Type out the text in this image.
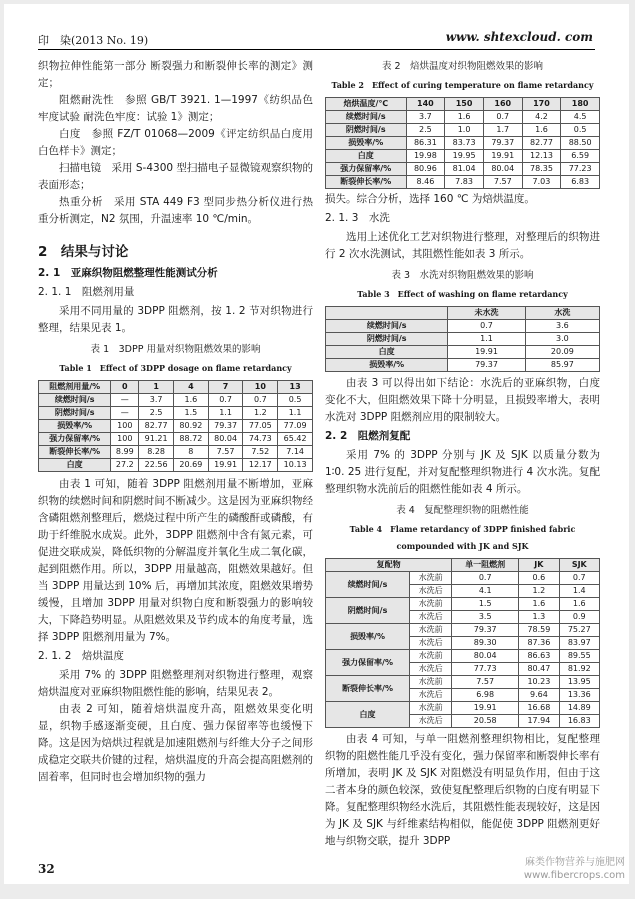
印　染(2013 No. 19)	www. shtexcloud. com

织物拉伸性能第一部分 断裂强力和断裂伸长率的测定》测定；

阻燃耐洗性　参照 GB/T 3921. 1—1997《纺织品色牢度试验 耐洗色牢度：试验 1》测定；

白度　参照 FZ/T 01068—2009《评定纺织品白度用白色样卡》测定；

扫描电镜　采用 S-4300 型扫描电子显微镜观察织物的表面形态；

热重分析　采用 STA 449 F3 型同步热分析仪进行热重分析测定，N2 氛围，升温速率 10 ℃/min。

2　结果与讨论
2. 1　亚麻织物阻燃整理性能测试分析
2. 1. 1　阻燃剂用量

采用不同用量的 3DPP 阻燃剂，按 1. 2 节对织物进行整理，结果见表 1。

表 1　3DPP 用量对织物阻燃效果的影响
Table 1　Effect of 3DPP dosage on flame retardancy
阻燃剂用量/%	0	1	4	7	10	13
续燃时间/s	—	3.7	1.6	0.7	0.7	0.5
阴燃时间/s	—	2.5	1.5	1.1	1.2	1.1
损毁率/%	100	82.77	80.92	79.37	77.05	77.09
强力保留率/%	100	91.21	88.72	80.04	74.73	65.42
断裂伸长率/%	8.99	8.28	8	7.57	7.52	7.14
白度	27.2	22.56	20.69	19.91	12.17	10.13

由表 1 可知，随着 3DPP 阻燃剂用量不断增加，亚麻织物的续燃时间和阴燃时间不断减少。这是因为亚麻织物经含磷阻燃剂整理后，燃烧过程中所产生的磷酸酐或磷酸，有助于纤维脱水成炭。此外，3DPP 阻燃剂中含有氮元素，可促进交联成炭，降低织物的分解温度并氧化生成二氧化碳，起到阻燃作用。所以，3DPP 用量越高，阻燃效果越好。但当 3DPP 用量达到 10% 后，再增加其浓度，阻燃效果增势缓慢，且增加 3DPP 用量对织物白度和断裂强力的影响较大，下降趋势明显。从阻燃效果及节约成本的角度考量，选择 3DPP 阻燃剂用量为 7%。

2. 1. 2　焙烘温度

采用 7% 的 3DPP 阻燃整理剂对织物进行整理，观察焙烘温度对亚麻织物阻燃性能的影响，结果见表 2。

由表 2 可知，随着焙烘温度升高，阻燃效果变化明显，织物手感逐渐变硬，且白度、强力保留率等也缓慢下降。这是因为焙烘过程就是加速阻燃剂与纤维大分子之间形成稳定交联共价键的过程，焙烘温度的升高会提高阻燃剂的固着率，但同时也会增加织物的强力

表 2　焙烘温度对织物阻燃效果的影响
Table 2　Effect of curing temperature on flame retardancy
焙烘温度/℃	140	150	160	170	180
续燃时间/s	3.7	1.6	0.7	4.2	4.5
阴燃时间/s	2.5	1.0	1.7	1.6	0.5
损毁率/%	86.31	83.73	79.37	82.77	88.50
白度	19.98	19.95	19.91	12.13	6.59
强力保留率/%	80.96	81.04	80.04	78.35	77.23
断裂伸长率/%	8.46	7.83	7.57	7.03	6.83

损失。综合分析，选择 160 ℃ 为焙烘温度。

2. 1. 3　水洗

选用上述优化工艺对织物进行整理，对整理后的织物进行 2 次水洗测试，其阻燃性能如表 3 所示。

表 3　水洗对织物阻燃效果的影响
Table 3　Effect of washing on flame retardancy
	未水洗	水洗
续燃时间/s	0.7	3.6
阴燃时间/s	1.1	3.0
白度	19.91	20.09
损毁率/%	79.37	85.97

由表 3 可以得出如下结论：水洗后的亚麻织物，白度变化不大，但阻燃效果下降十分明显，且损毁率增大，表明水洗对 3DPP 阻燃剂应用的限制较大。

2. 2　阻燃剂复配

采用 7% 的 3DPP 分别与 JK 及 SJK 以质量分数为 1∶0. 25 进行复配，并对复配整理织物进行 4 次水洗。复配整理织物水洗前后的阻燃性能如表 4 所示。

表 4　复配整理织物的阻燃性能
Table 4　Flame retardancy of 3DPP finished fabric compounded with JK and SJK
复配物		单一阻燃剂	JK	SJK
续燃时间/s	水洗前	0.7	0.6	0.7
	水洗后	4.1	1.2	1.4
阴燃时间/s	水洗前	1.5	1.6	1.6
	水洗后	3.5	1.3	0.9
损毁率/%	水洗前	79.37	78.59	75.27
	水洗后	89.30	87.36	83.97
强力保留率/%	水洗前	80.04	86.63	89.55
	水洗后	77.73	80.47	81.92
断裂伸长率/%	水洗前	7.57	10.23	13.95
	水洗后	6.98	9.64	13.36
白度	水洗前	19.91	16.68	14.89
	水洗后	20.58	17.94	16.83

由表 4 可知，与单一阻燃剂整理织物相比，复配整理织物的阻燃性能几乎没有变化，强力保留率和断裂伸长率有所增加，表明 JK 及 SJK 对阻燃没有明显负作用，但由于这二者本身的颜色较深，致使复配整理后织物的白度有明显下降。复配整理织物经水洗后，其阻燃性能表现较好，这是因为 JK 及 SJK 与纤维素结构相似，能促使 3DPP 阻燃剂更好地与织物交联，提升 3DPP

32	麻类作物营养与施肥网
www.fibercrops.com
